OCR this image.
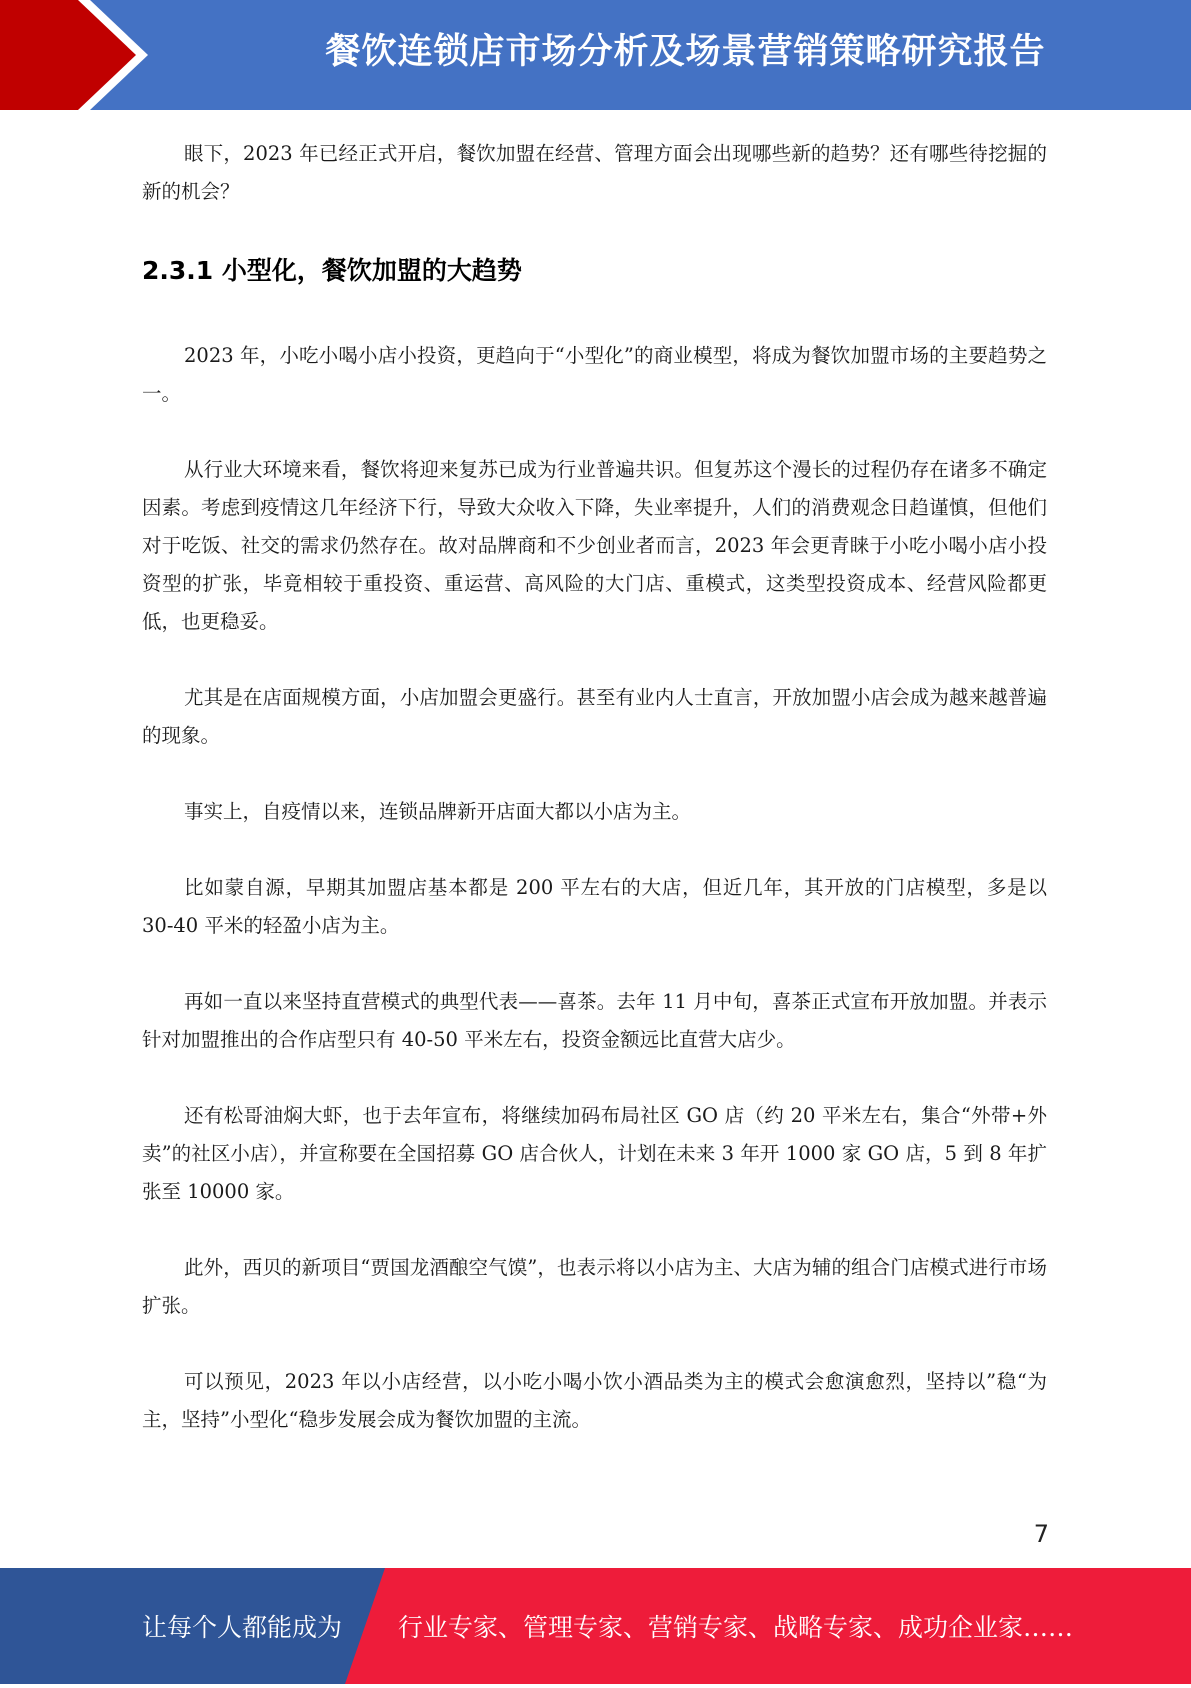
餐饮连锁店市场分析及场景营销策略研究报告

眼下，2023 年已经正式开启，餐饮加盟在经营、管理方面会出现哪些新的趋势？还有哪些待挖掘的新的机会？

2.3.1 小型化，餐饮加盟的大趋势

2023 年，小吃小喝小店小投资，更趋向于“小型化”的商业模型，将成为餐饮加盟市场的主要趋势之一。

从行业大环境来看，餐饮将迎来复苏已成为行业普遍共识。但复苏这个漫长的过程仍存在诸多不确定因素。考虑到疫情这几年经济下行，导致大众收入下降，失业率提升，人们的消费观念日趋谨慎，但他们对于吃饭、社交的需求仍然存在。故对品牌商和不少创业者而言，2023 年会更青睐于小吃小喝小店小投资型的扩张，毕竟相较于重投资、重运营、高风险的大门店、重模式，这类型投资成本、经营风险都更低，也更稳妥。

尤其是在店面规模方面，小店加盟会更盛行。甚至有业内人士直言，开放加盟小店会成为越来越普遍的现象。

事实上，自疫情以来，连锁品牌新开店面大都以小店为主。

比如蒙自源，早期其加盟店基本都是 200 平左右的大店，但近几年，其开放的门店模型，多是以 30-40 平米的轻盈小店为主。

再如一直以来坚持直营模式的典型代表——喜茶。去年 11 月中旬，喜茶正式宣布开放加盟。并表示针对加盟推出的合作店型只有 40-50 平米左右，投资金额远比直营大店少。

还有松哥油焖大虾，也于去年宣布，将继续加码布局社区 GO 店（约 20 平米左右，集合“外带+外卖”的社区小店），并宣称要在全国招募 GO 店合伙人，计划在未来 3 年开 1000 家 GO 店，5 到 8 年扩张至 10000 家。

此外，西贝的新项目“贾国龙酒酿空气馍”，也表示将以小店为主、大店为辅的组合门店模式进行市场扩张。

可以预见，2023 年以小店经营，以小吃小喝小饮小酒品类为主的模式会愈演愈烈，坚持以”稳“为主，坚持”小型化“稳步发展会成为餐饮加盟的主流。

7
让每个人都能成为 行业专家、管理专家、营销专家、战略专家、成功企业家……
